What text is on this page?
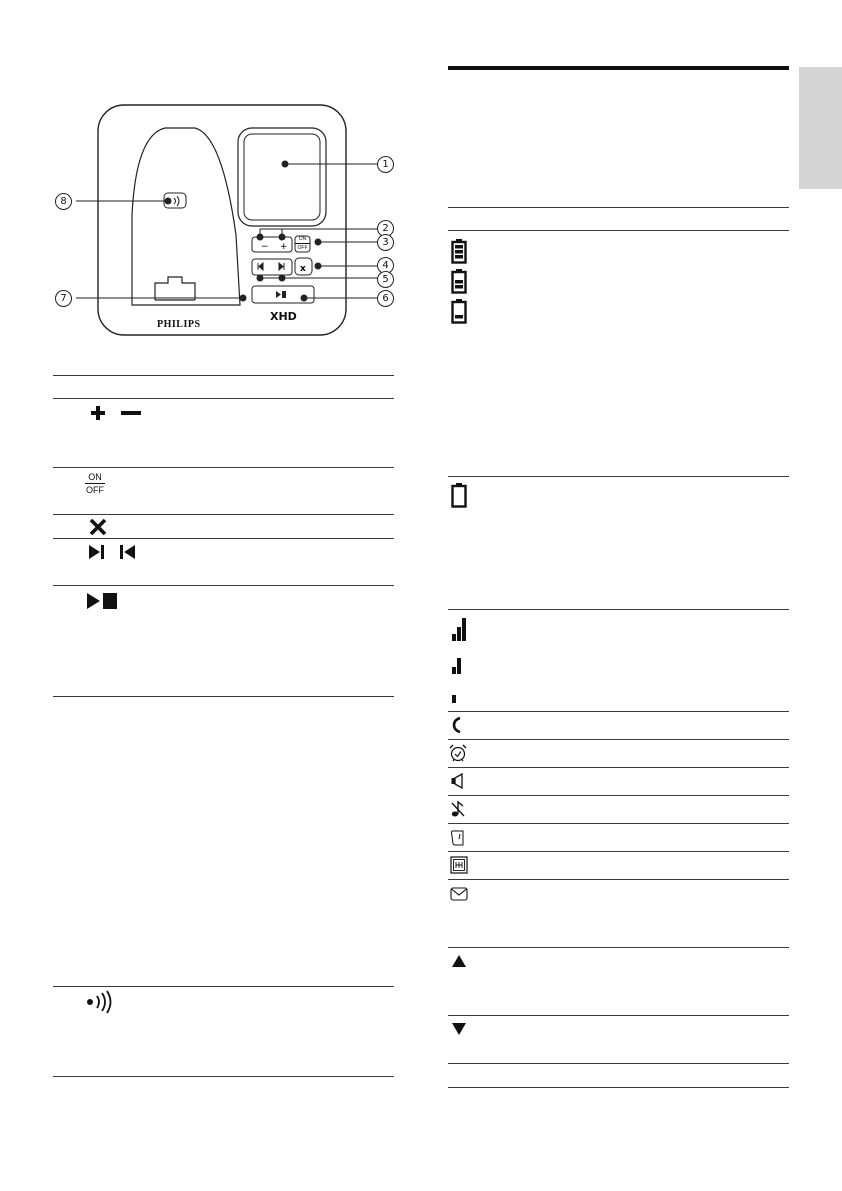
− +
x
ON
OFF
PHILIPS
XHD
1
2
3
4
5
6
7
8
ON
OFF
